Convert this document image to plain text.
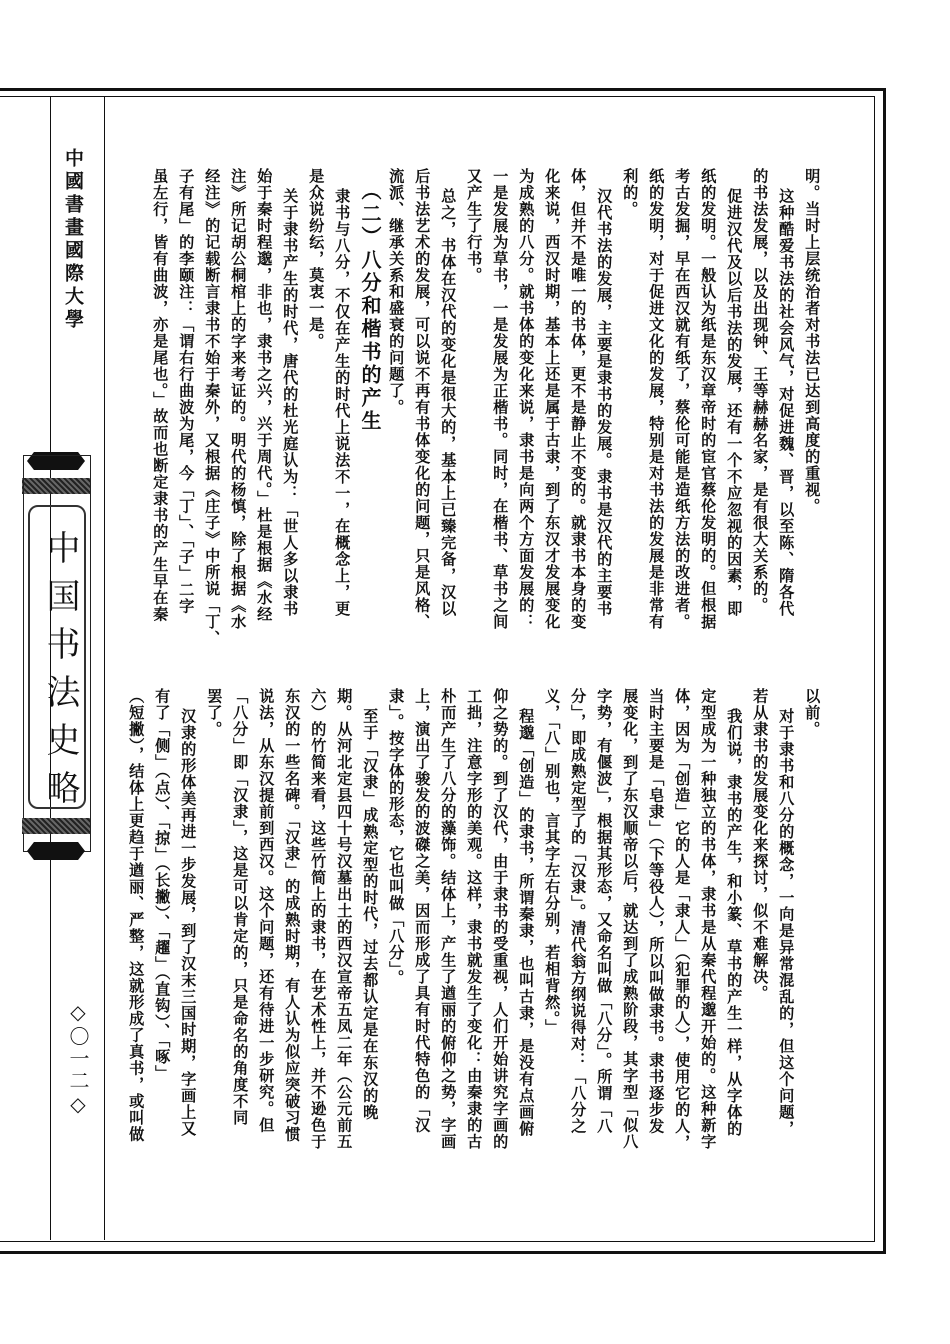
中國書畫國際大學
中国书法史略
◇〇一二◇
明。当时上层统治者对书法已达到高度的重视。
这种酷爱书法的社会风气，对促进魏、晋，以至陈、隋各代
的书法发展，以及出现钟、王等赫赫名家，是有很大关系的。
促进汉代及以后书法的发展，还有一个不应忽视的因素，即
纸的发明。一般认为纸是东汉章帝时的宦官蔡伦发明的。但根据
考古发掘，早在西汉就有纸了，蔡伦可能是造纸方法的改进者。
纸的发明，对于促进文化的发展，特别是对书法的发展是非常有
利的。
汉代书法的发展，主要是隶书的发展。隶书是汉代的主要书
体，但并不是唯一的书体，更不是静止不变的。就隶书本身的变
化来说，西汉时期，基本上还是属于古隶，到了东汉才发展变化
为成熟的八分。就书体的变化来说，隶书是向两个方面发展的：
一是发展为草书，一是发展为正楷书。同时，在楷书、草书之间
又产生了行书。
总之，书体在汉代的变化是很大的，基本上已臻完备，汉以
后书法艺术的发展，可以说不再有书体变化的问题，只是风格、
流派、继承关系和盛衰的问题了。
（二）八分和楷书的产生
隶书与八分，不仅在产生的时代上说法不一，在概念上，更
是众说纷纭，莫衷一是。
关于隶书产生的时代，唐代的杜光庭认为：「世人多以隶书
始于秦时程邈，非也，隶书之兴，兴于周代。」杜是根据《水经
注》所记胡公桐棺上的字来考证的。明代的杨慎，除了根据《水
经注》的记载断言隶书不始于秦外，又根据《庄子》中所说「丁、
子有尾」的李颐注：「谓右行曲波为尾，今「丁」、「子」二字
虽左行，皆有曲波，亦是尾也。」故而也断定隶书的产生早在秦
以前。
对于隶书和八分的概念，一向是异常混乱的，但这个问题，
若从隶书的发展变化来探讨，似不难解决。
我们说，隶书的产生，和小篆、草书的产生一样，从字体的
定型成为一种独立的书体，隶书是从秦代程邈开始的。这种新字
体，因为「创造」它的人是「隶人」（犯罪的人），使用它的人，
当时主要是「皂隶」（下等役人），所以叫做隶书。隶书逐步发
展变化，到了东汉顺帝以后，就达到了成熟阶段，其字型「似八
字势，有偃波」，根据其形态，又命名叫做「八分」。所谓「八
分」，即成熟定型了的「汉隶」。清代翁方纲说得对：「八分之
义，「八」别也，言其字左右分别，若相背然。」
程邈「创造」的隶书，所谓秦隶，也叫古隶，是没有点画俯
仰之势的。到了汉代，由于隶书的受重视，人们开始讲究字画的
工拙，注意字形的美观。这样，隶书就发生了变化：由秦隶的古
朴而产生了八分的藻饰。结体上，产生了遒丽的俯仰之势，字画
上，演出了骏发的波磔之美，因而形成了具有时代特色的「汉
隶」。按字体的形态，它也叫做「八分」。
至于「汉隶」成熟定型的时代，过去都认定是在东汉的晚
期。从河北定县四十号汉墓出土的西汉宣帝五凤二年（公元前五
六）的竹简来看，这些竹简上的隶书，在艺术性上，并不逊色于
东汉的一些名碑。「汉隶」的成熟时期，有人认为似应突破习惯
说法，从东汉提前到西汉。这个问题，还有待进一步研究。但
「八分」即「汉隶」，这是可以肯定的，只是命名的角度不同
罢了。
汉隶的形体美再进一步发展，到了汉末三国时期，字画上又
有了「侧」（点）、「掠」（长撇）、「趯」（直钩）、「啄」
（短撇），结体上更趋于遒丽、严整，这就形成了真书，或叫做
